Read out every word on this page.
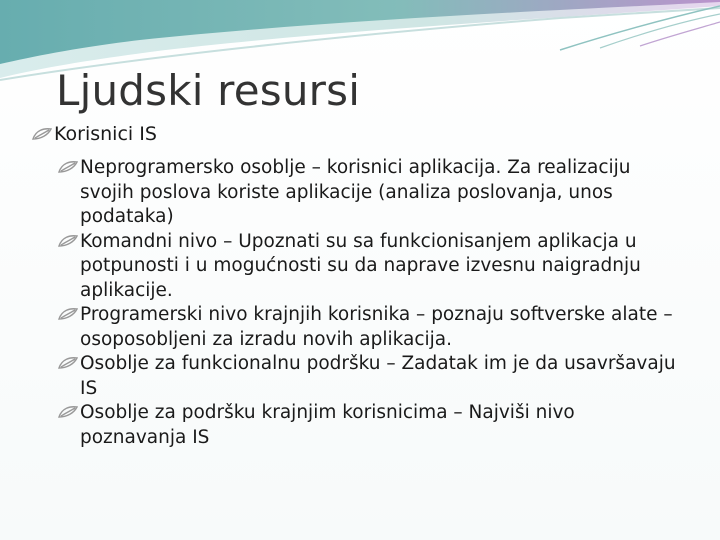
Ljudski resursi
Korisnici IS
Neprogramersko osoblje – korisnici aplikacija. Za realizaciju svojih poslova koriste aplikacije (analiza poslovanja, unos podataka)
Komandni nivo – Upoznati su sa funkcionisanjem aplikacja u potpunosti i u mogućnosti su da naprave izvesnu naigradnju aplikacije.
Programerski nivo krajnjih korisnika – poznaju softverske alate – osoposobljeni za izradu novih aplikacija.
Osoblje za funkcionalnu podršku – Zadatak im je da usavršavaju IS
Osoblje za podršku krajnjim korisnicima – Najviši nivo poznavanja IS
